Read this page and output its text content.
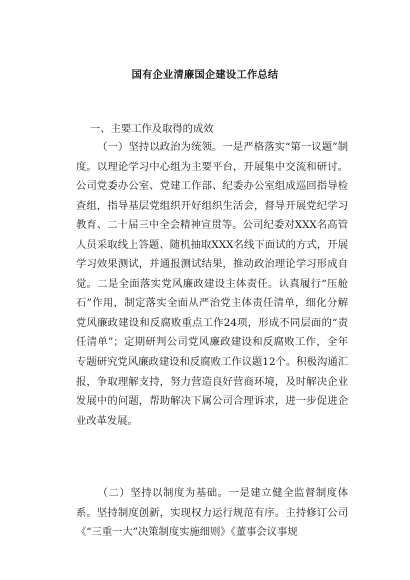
国有企业清廉国企建设工作总结

一、主要工作及取得的成效

（一）坚持以政治为统领。一是严格落实“第一议题”制度。以理论学习中心组为主要平台，开展集中交流和研讨。公司党委办公室、党建工作部、纪委办公室组成巡回指导检查组，指导基层党组织开好组织生活会，督导开展党纪学习教育、二十届三中全会精神宣贯等。公司纪委对XXX名高管人员采取线上答题、随机抽取XXX名线下面试的方式，开展学习效果测试，并通报测试结果，推动政治理论学习形成自觉。二是全面落实党风廉政建设主体责任。认真履行“压舱石”作用，制定落实全面从严治党主体责任清单，细化分解党风廉政建设和反腐败重点工作24项，形成不同层面的“责任清单”；定期研判公司党风廉政建设和反腐败工作，全年专题研究党风廉政建设和反腐败工作议题12个。积极沟通汇报，争取理解支持，努力营造良好营商环境，及时解决企业发展中的问题，帮助解决下属公司合理诉求，进一步促进企业改革发展。

（二）坚持以制度为基础。一是建立健全监督制度体系。坚持制度创新，实现权力运行规范有序。主持修订公司《“三重一大”决策制度实施细则》《董事会议事规
